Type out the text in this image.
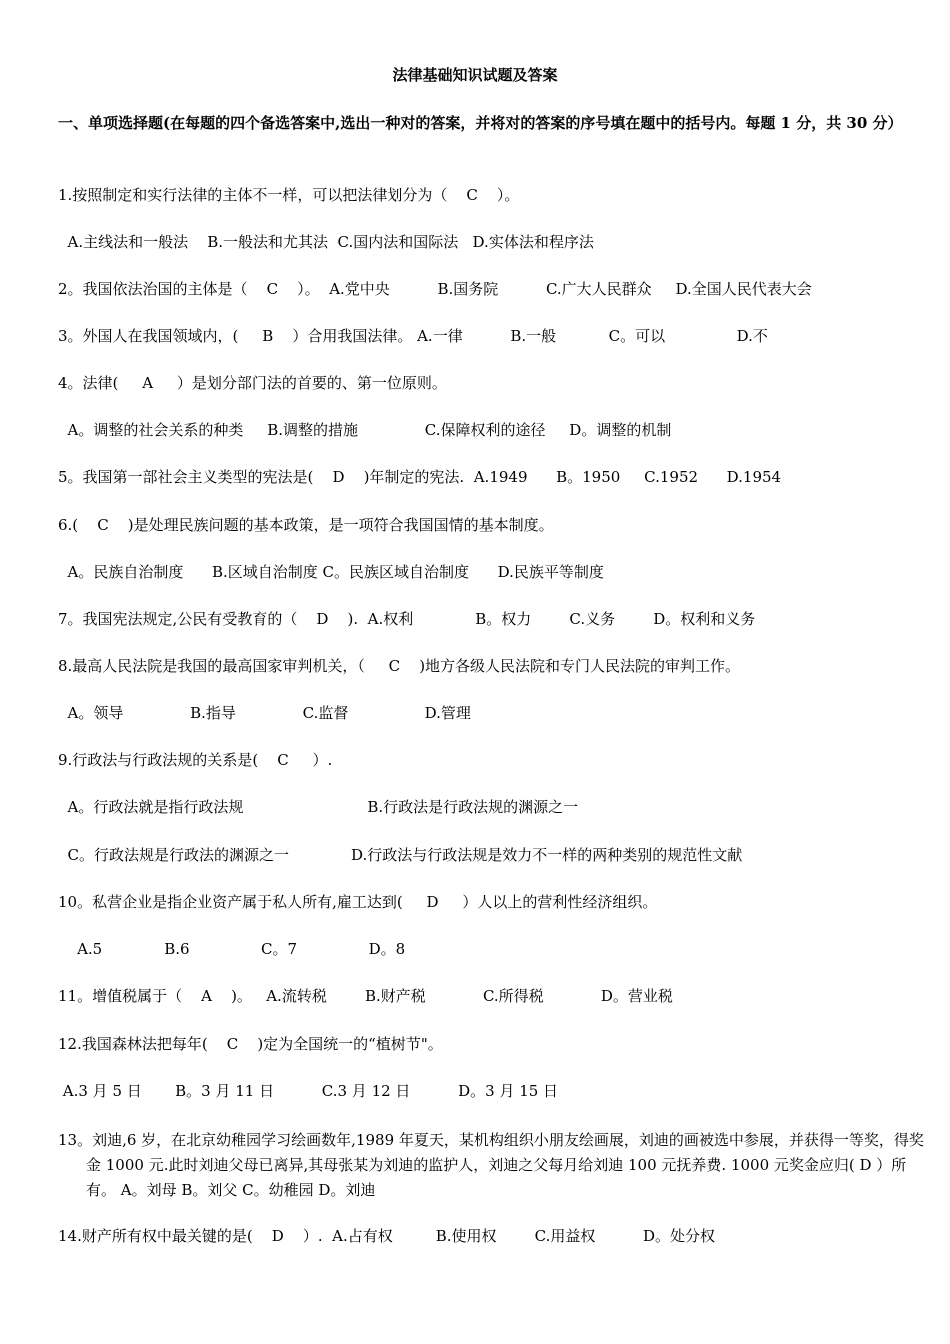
法律基础知识试题及答案
一、单项选择题(在每题的四个备选答案中,选出一种对的答案，并将对的答案的序号填在题中的括号内。每题 1 分，共 30 分）
1.按照制定和实行法律的主体不一样，可以把法律划分为（    C    ）。
A.主线法和一般法    B.一般法和尤其法  C.国内法和国际法   D.实体法和程序法
2。我国依法治国的主体是（    C    ）。  A.党中央          B.国务院          C.广大人民群众     D.全国人民代表大会
3。外国人在我国领域内，(     B    ）合用我国法律。 A.一律          B.一般           C。可以               D.不
4。法律(     A     ）是划分部门法的首要的、第一位原则。
A。调整的社会关系的种类     B.调整的措施              C.保障权利的途径     D。调整的机制
5。我国第一部社会主义类型的宪法是(    D    )年制定的宪法.  A.1949      B。1950     C.1952      D.1954
6.(    C    )是处理民族问题的基本政策，是一项符合我国国情的基本制度。
A。民族自治制度      B.区域自治制度 C。民族区域自治制度      D.民族平等制度
7。我国宪法规定,公民有受教育的（    D    ).  A.权利             B。权力        C.义务        D。权利和义务
8.最高人民法院是我国的最高国家审判机关，（     C    )地方各级人民法院和专门人民法院的审判工作。
A。领导              B.指导              C.监督                D.管理
9.行政法与行政法规的关系是(    C     ）.
A。行政法就是指行政法规                          B.行政法是行政法规的渊源之一
C。行政法规是行政法的渊源之一             D.行政法与行政法规是效力不一样的两种类别的规范性文献
10。私营企业是指企业资产属于私人所有,雇工达到(     D     ）人以上的营利性经济组织。
A.5             B.6               C。7               D。8
11。增值税属于（    A    )。   A.流转税        B.财产税            C.所得税            D。营业税
12.我国森林法把每年(    C    )定为全国统一的“植树节"。
A.3 月 5 日       B。3 月 11 日          C.3 月 12 日          D。3 月 15 日
13。刘迪,6 岁，在北京幼稚园学习绘画数年,1989 年夏天，某机构组织小朋友绘画展，刘迪的画被选中参展，并获得一等奖，得奖金 1000 元.此时刘迪父母已离异,其母张某为刘迪的监护人，刘迪之父每月给刘迪 100 元抚养费. 1000 元奖金应归( D ）所有。 A。刘母 B。刘父 C。幼稚园 D。刘迪
14.财产所有权中最关键的是(    D    ）.  A.占有权         B.使用权        C.用益权          D。处分权
